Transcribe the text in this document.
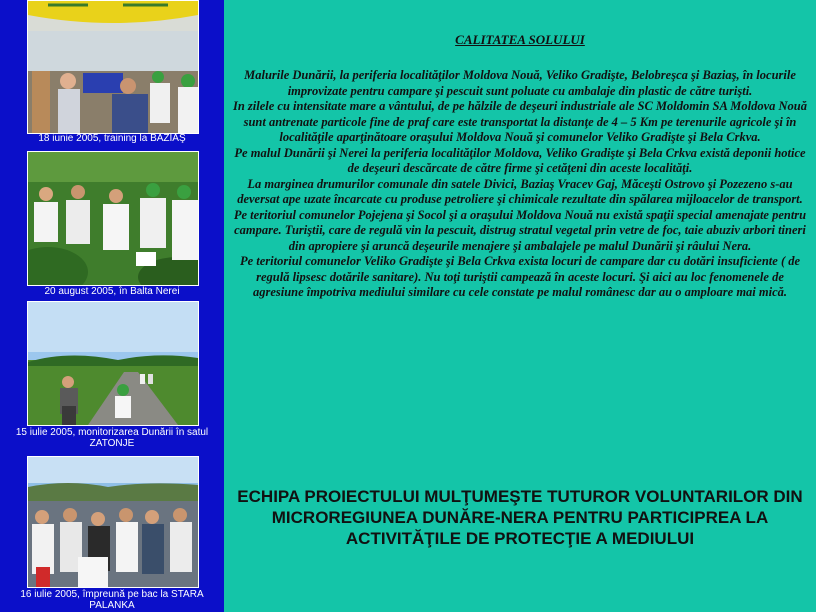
18 iunie 2005, training la BAZIAŞ
20 august 2005, în Balta Nerei
15 iulie 2005, monitorizarea Dunării în satul ZATONJE
16 iulie 2005, împreună pe bac la STARA PALANKA
CALITATEA SOLULUI

Malurile Dunării, la periferia localităţilor Moldova Nouă, Veliko Gradişte, Belobreşca şi Baziaş, în locurile improvizate pentru campare şi pescuit sunt poluate cu ambalaje din plastic de către turişti.

In zilele cu intensitate mare a vântului, de pe hălzile de deşeuri industriale ale SC Moldomin SA Moldova Nouă sunt antrenate particole fine de praf care este transportat la distanţe de 4 – 5 Km pe terenurile agricole şi în localităţile aparţinătoare oraşului Moldova Nouă şi comunelor Veliko Gradişte şi Bela Crkva.

Pe malul Dunării şi Nerei la periferia localităţilor Moldova, Veliko Gradişte şi Bela Crkva există deponii hotice de deşeuri descărcate de către firme şi cetăţeni din aceste localităţi.

La marginea drumurilor comunale din satele Divici, Baziaş Vracev Gaj, Măceşti Ostrovo şi Pozezeno s-au deversat ape uzate încarcate cu produse petroliere şi chimicale rezultate din spălarea mijloacelor de transport.

Pe teritoriul comunelor Pojejena şi Socol şi a oraşului Moldova Nouă nu există spaţii special amenajate pentru campare. Turiştii, care de regulă vin la pescuit, distrug stratul vegetal prin vetre de foc, taie abuziv arbori tineri din apropiere şi aruncă deşeurile menajere şi ambalajele pe malul Dunării şi râului Nera.

Pe teritoriul comunelor Veliko Gradişte şi Bela Crkva exista locuri de campare dar cu dotări insuficiente ( de regulă lipsesc dotările sanitare). Nu toţi turiştii campează în aceste locuri. Şi aici au loc fenomenele de agresiune împotriva mediului similare cu cele constate pe malul românesc dar au o amploare mai mică.

ECHIPA PROIECTULUI MULŢUMEŞTE TUTUROR VOLUNTARILOR DIN MICROREGIUNEA DUNĂRE-NERA PENTRU PARTICIPREA LA ACTIVITĂŢILE DE PROTECŢIE A MEDIULUI
